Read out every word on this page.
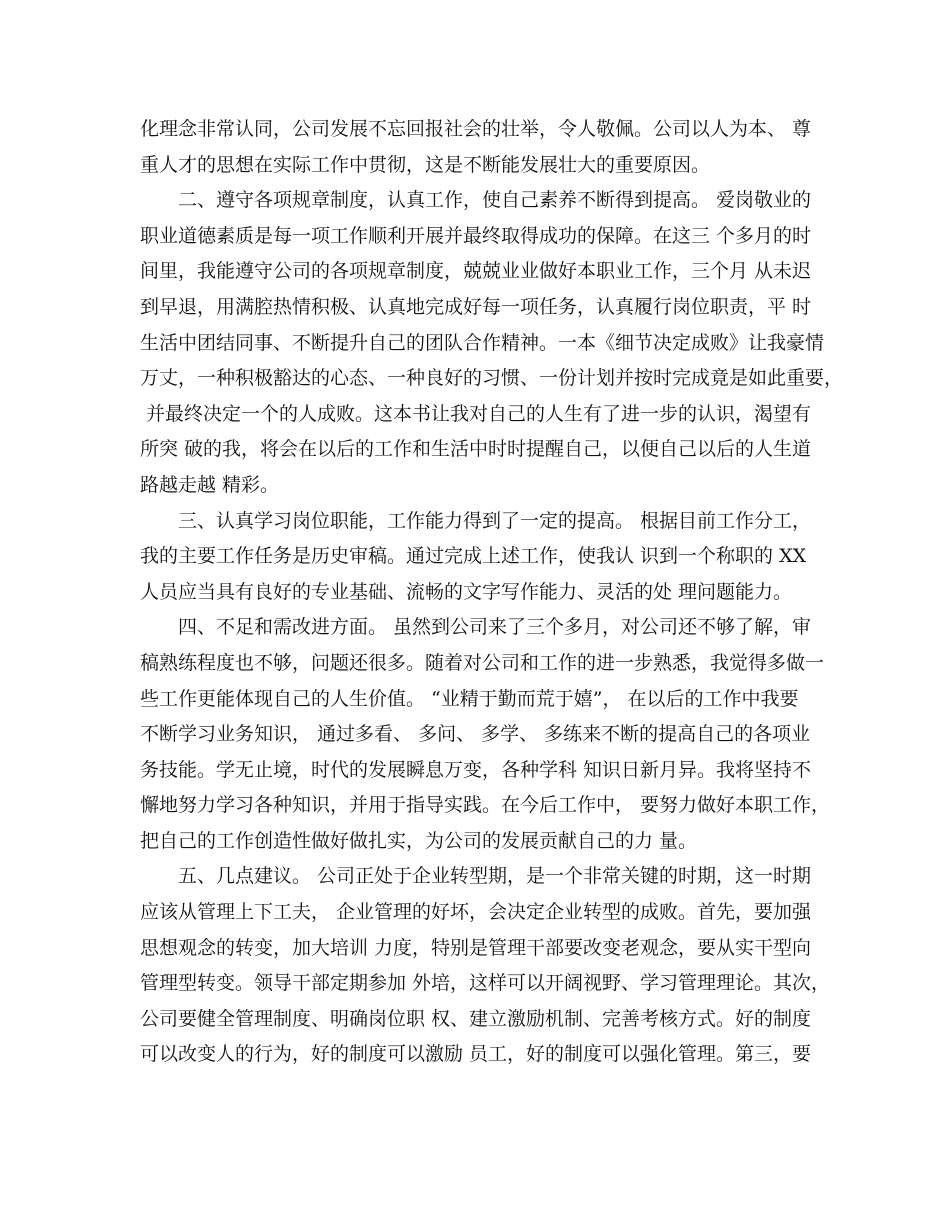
化理念非常认同，公司发展不忘回报社会的壮举，令人敬佩。公司以人为本、 尊
重人才的思想在实际工作中贯彻，这是不断能发展壮大的重要原因。
二、遵守各项规章制度，认真工作，使自己素养不断得到提高。 爱岗敬业的
职业道德素质是每一项工作顺利开展并最终取得成功的保障。在这三 个多月的时
间里，我能遵守公司的各项规章制度，兢兢业业做好本职业工作，三个月 从未迟
到早退，用满腔热情积极、认真地完成好每一项任务，认真履行岗位职责，平 时
生活中团结同事、不断提升自己的团队合作精神。一本《细节决定成败》让我豪情
万丈，一种积极豁达的心态、一种良好的习惯、一份计划并按时完成竟是如此重要，
并最终决定一个的人成败。这本书让我对自己的人生有了进一步的认识，渴望有
所突 破的我，将会在以后的工作和生活中时时提醒自己，以便自己以后的人生道
路越走越 精彩。
三、认真学习岗位职能，工作能力得到了一定的提高。 根据目前工作分工，
我的主要工作任务是历史审稿。通过完成上述工作，使我认 识到一个称职的 XX
人员应当具有良好的专业基础、流畅的文字写作能力、灵活的处 理问题能力。
四、不足和需改进方面。 虽然到公司来了三个多月，对公司还不够了解，审
稿熟练程度也不够，问题还很多。随着对公司和工作的进一步熟悉，我觉得多做一
些工作更能体现自己的人生价值。 “业精于勤而荒于嬉”， 在以后的工作中我要
不断学习业务知识， 通过多看、 多问、 多学、 多练来不断的提高自己的各项业
务技能。学无止境，时代的发展瞬息万变，各种学科 知识日新月异。我将坚持不
懈地努力学习各种知识，并用于指导实践。在今后工作中， 要努力做好本职工作，
把自己的工作创造性做好做扎实，为公司的发展贡献自己的力 量。
五、几点建议。 公司正处于企业转型期，是一个非常关键的时期，这一时期
应该从管理上下工夫， 企业管理的好坏，会决定企业转型的成败。首先，要加强
思想观念的转变，加大培训 力度，特别是管理干部要改变老观念，要从实干型向
管理型转变。领导干部定期参加 外培，这样可以开阔视野、学习管理理论。其次，
公司要健全管理制度、明确岗位职 权、建立激励机制、完善考核方式。好的制度
可以改变人的行为，好的制度可以激励 员工，好的制度可以强化管理。第三，要
